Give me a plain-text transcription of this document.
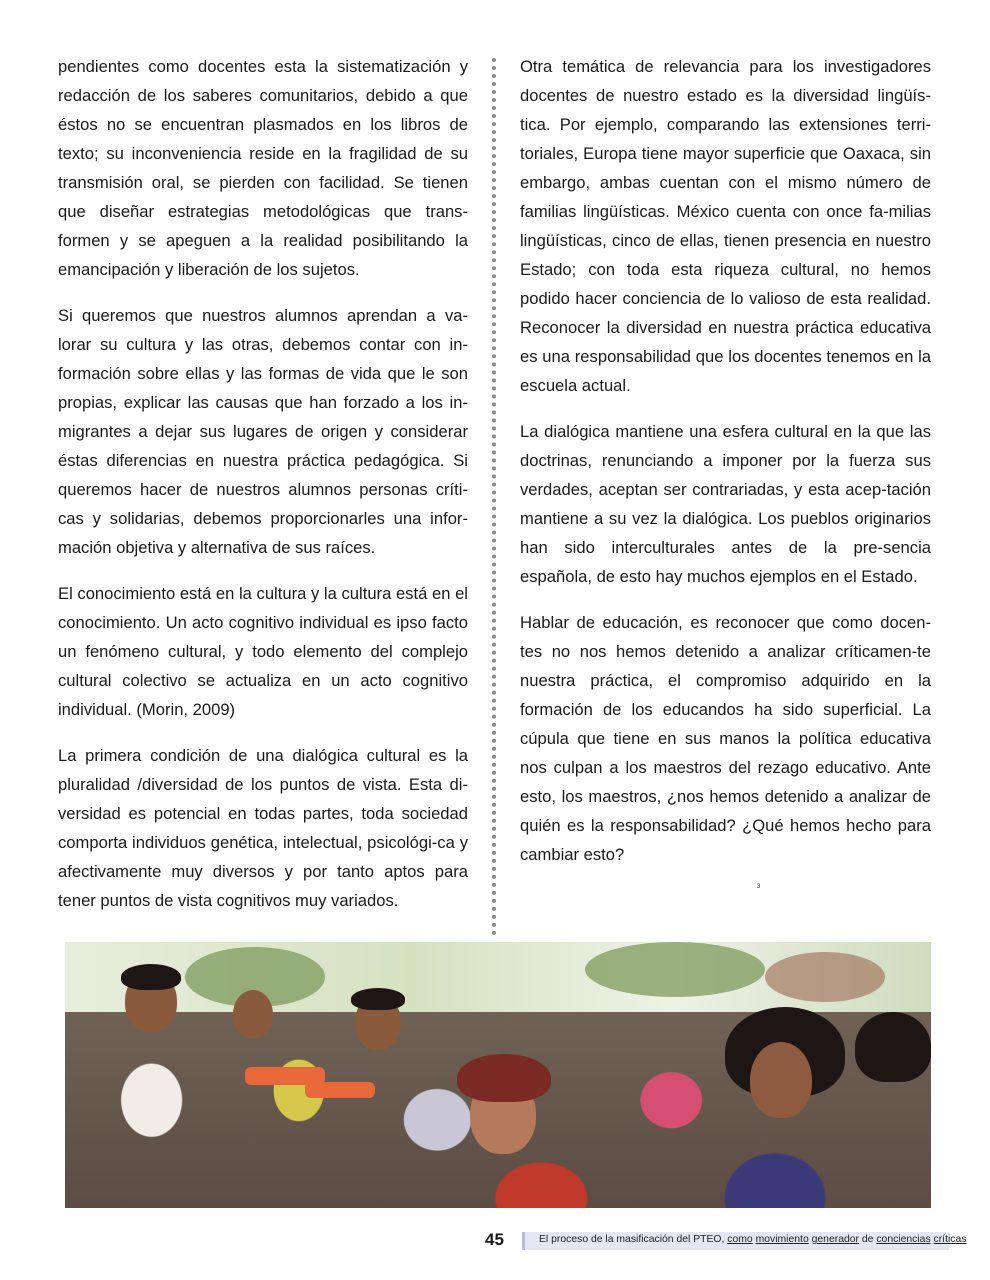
pendientes como docentes esta la sistematización y redacción de los saberes comunitarios, debido a que éstos no se encuentran plasmados en los libros de texto; su inconveniencia reside en la fragilidad de su transmisión oral, se pierden con facilidad. Se tienen que diseñar estrategias metodológicas que trans-formen y se apeguen a la realidad posibilitando la emancipación y liberación de los sujetos.

Si queremos que nuestros alumnos aprendan a va-lorar su cultura y las otras, debemos contar con in-formación sobre ellas y las formas de vida que le son propias, explicar las causas que han forzado a los in-migrantes a dejar sus lugares de origen y considerar éstas diferencias en nuestra práctica pedagógica. Si queremos hacer de nuestros alumnos personas críti-cas y solidarias, debemos proporcionarles una infor-mación objetiva y alternativa de sus raíces.

El conocimiento está en la cultura y la cultura está en el conocimiento. Un acto cognitivo individual es ipso facto un fenómeno cultural, y todo elemento del complejo cultural colectivo se actualiza en un acto cognitivo individual. (Morin, 2009)

La primera condición de una dialógica cultural es la pluralidad /diversidad de los puntos de vista. Esta di-versidad es potencial en todas partes, toda sociedad comporta individuos genética, intelectual, psicológi-ca y afectivamente muy diversos y por tanto aptos para tener puntos de vista cognitivos muy variados.

Otra temática de relevancia para los investigadores docentes de nuestro estado es la diversidad lingüís-tica. Por ejemplo, comparando las extensiones terri-toriales, Europa tiene mayor superficie que Oaxaca, sin embargo, ambas cuentan con el mismo número de familias lingüísticas. México cuenta con once fa-milias lingüísticas, cinco de ellas, tienen presencia en nuestro Estado; con toda esta riqueza cultural, no hemos podido hacer conciencia de lo valioso de esta realidad. Reconocer la diversidad en nuestra práctica educativa es una responsabilidad que los docentes tenemos en la escuela actual.

La dialógica mantiene una esfera cultural en la que las doctrinas, renunciando a imponer por la fuerza sus verdades, aceptan ser contrariadas, y esta acep-tación mantiene a su vez la dialógica. Los pueblos originarios han sido interculturales antes de la pre-sencia española, de esto hay muchos ejemplos en el Estado.

Hablar de educación, es reconocer que como docen-tes no nos hemos detenido a analizar críticamen-te nuestra práctica, el compromiso adquirido en la formación de los educandos ha sido superficial. La cúpula que tiene en sus manos la política educativa nos culpan a los maestros del rezago educativo. Ante esto, los maestros, ¿nos hemos detenido a analizar de quién es la responsabilidad? ¿Qué hemos hecho para cambiar esto?

3
45	El proceso de la masificación del PTEO, como movimiento generador de conciencias críticas
